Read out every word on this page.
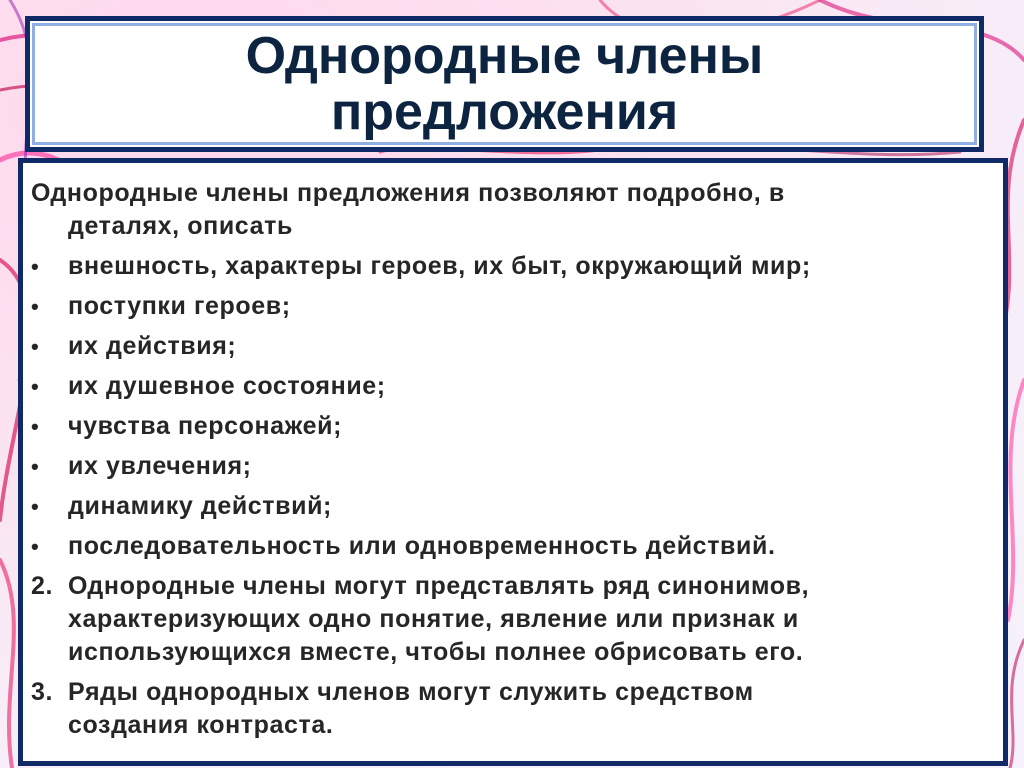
Однородные члены
предложения
Однородные члены предложения позволяют подробно, в
деталях, описать
• внешность, характеры героев, их быт, окружающий мир;
• поступки героев;
• их действия;
• их душевное состояние;
• чувства персонажей;
• их увлечения;
• динамику действий;
• последовательность или одновременность действий.
2. Однородные члены могут представлять ряд синонимов,
характеризующих одно понятие, явление или признак и
использующихся вместе, чтобы полнее обрисовать его.
3. Ряды однородных членов могут служить средством
создания контраста.
